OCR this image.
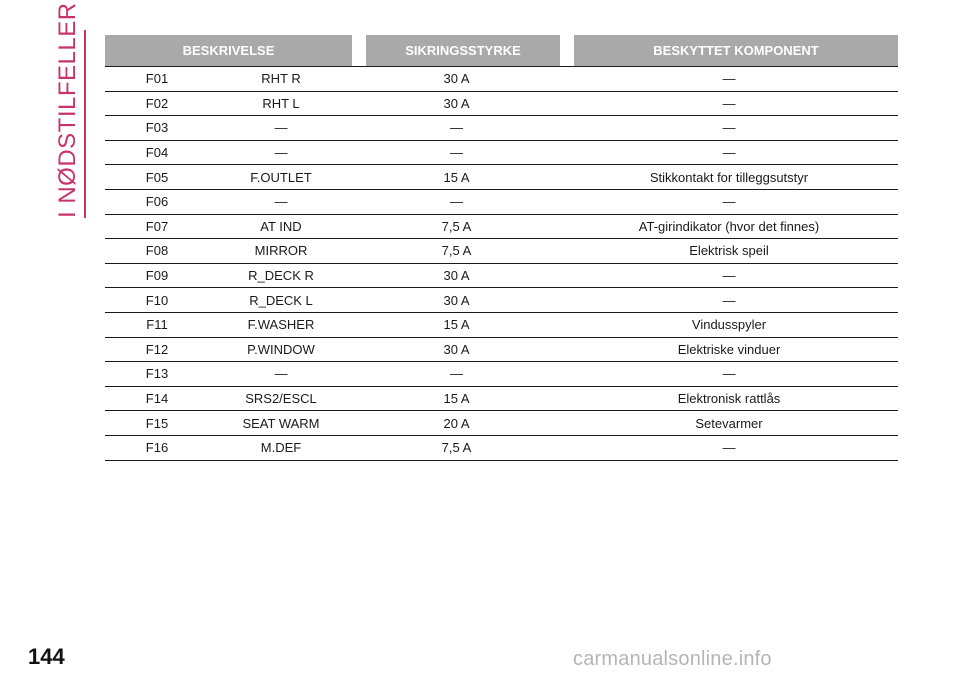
I NØDSTILFELLER	BESKRIVELSE	SIKRINGSSTYRKE	BESKYTTET KOMPONENT
F01	RHT R	30 A	—
F02	RHT L	30 A	—
F03	—	—	—
F04	—	—	—
F05	F.OUTLET	15 A	Stikkontakt for tilleggsutstyr
F06	—	—	—
F07	AT IND	7,5 A	AT-girindikator (hvor det finnes)
F08	MIRROR	7,5 A	Elektrisk speil
F09	R_DECK R	30 A	—
F10	R_DECK L	30 A	—
F11	F.WASHER	15 A	Vindusspyler
F12	P.WINDOW	30 A	Elektriske vinduer
F13	—	—	—
F14	SRS2/ESCL	15 A	Elektronisk rattlås
F15	SEAT WARM	20 A	Setevarmer
F16	M.DEF	7,5 A	—
144	carmanualsonline.info
